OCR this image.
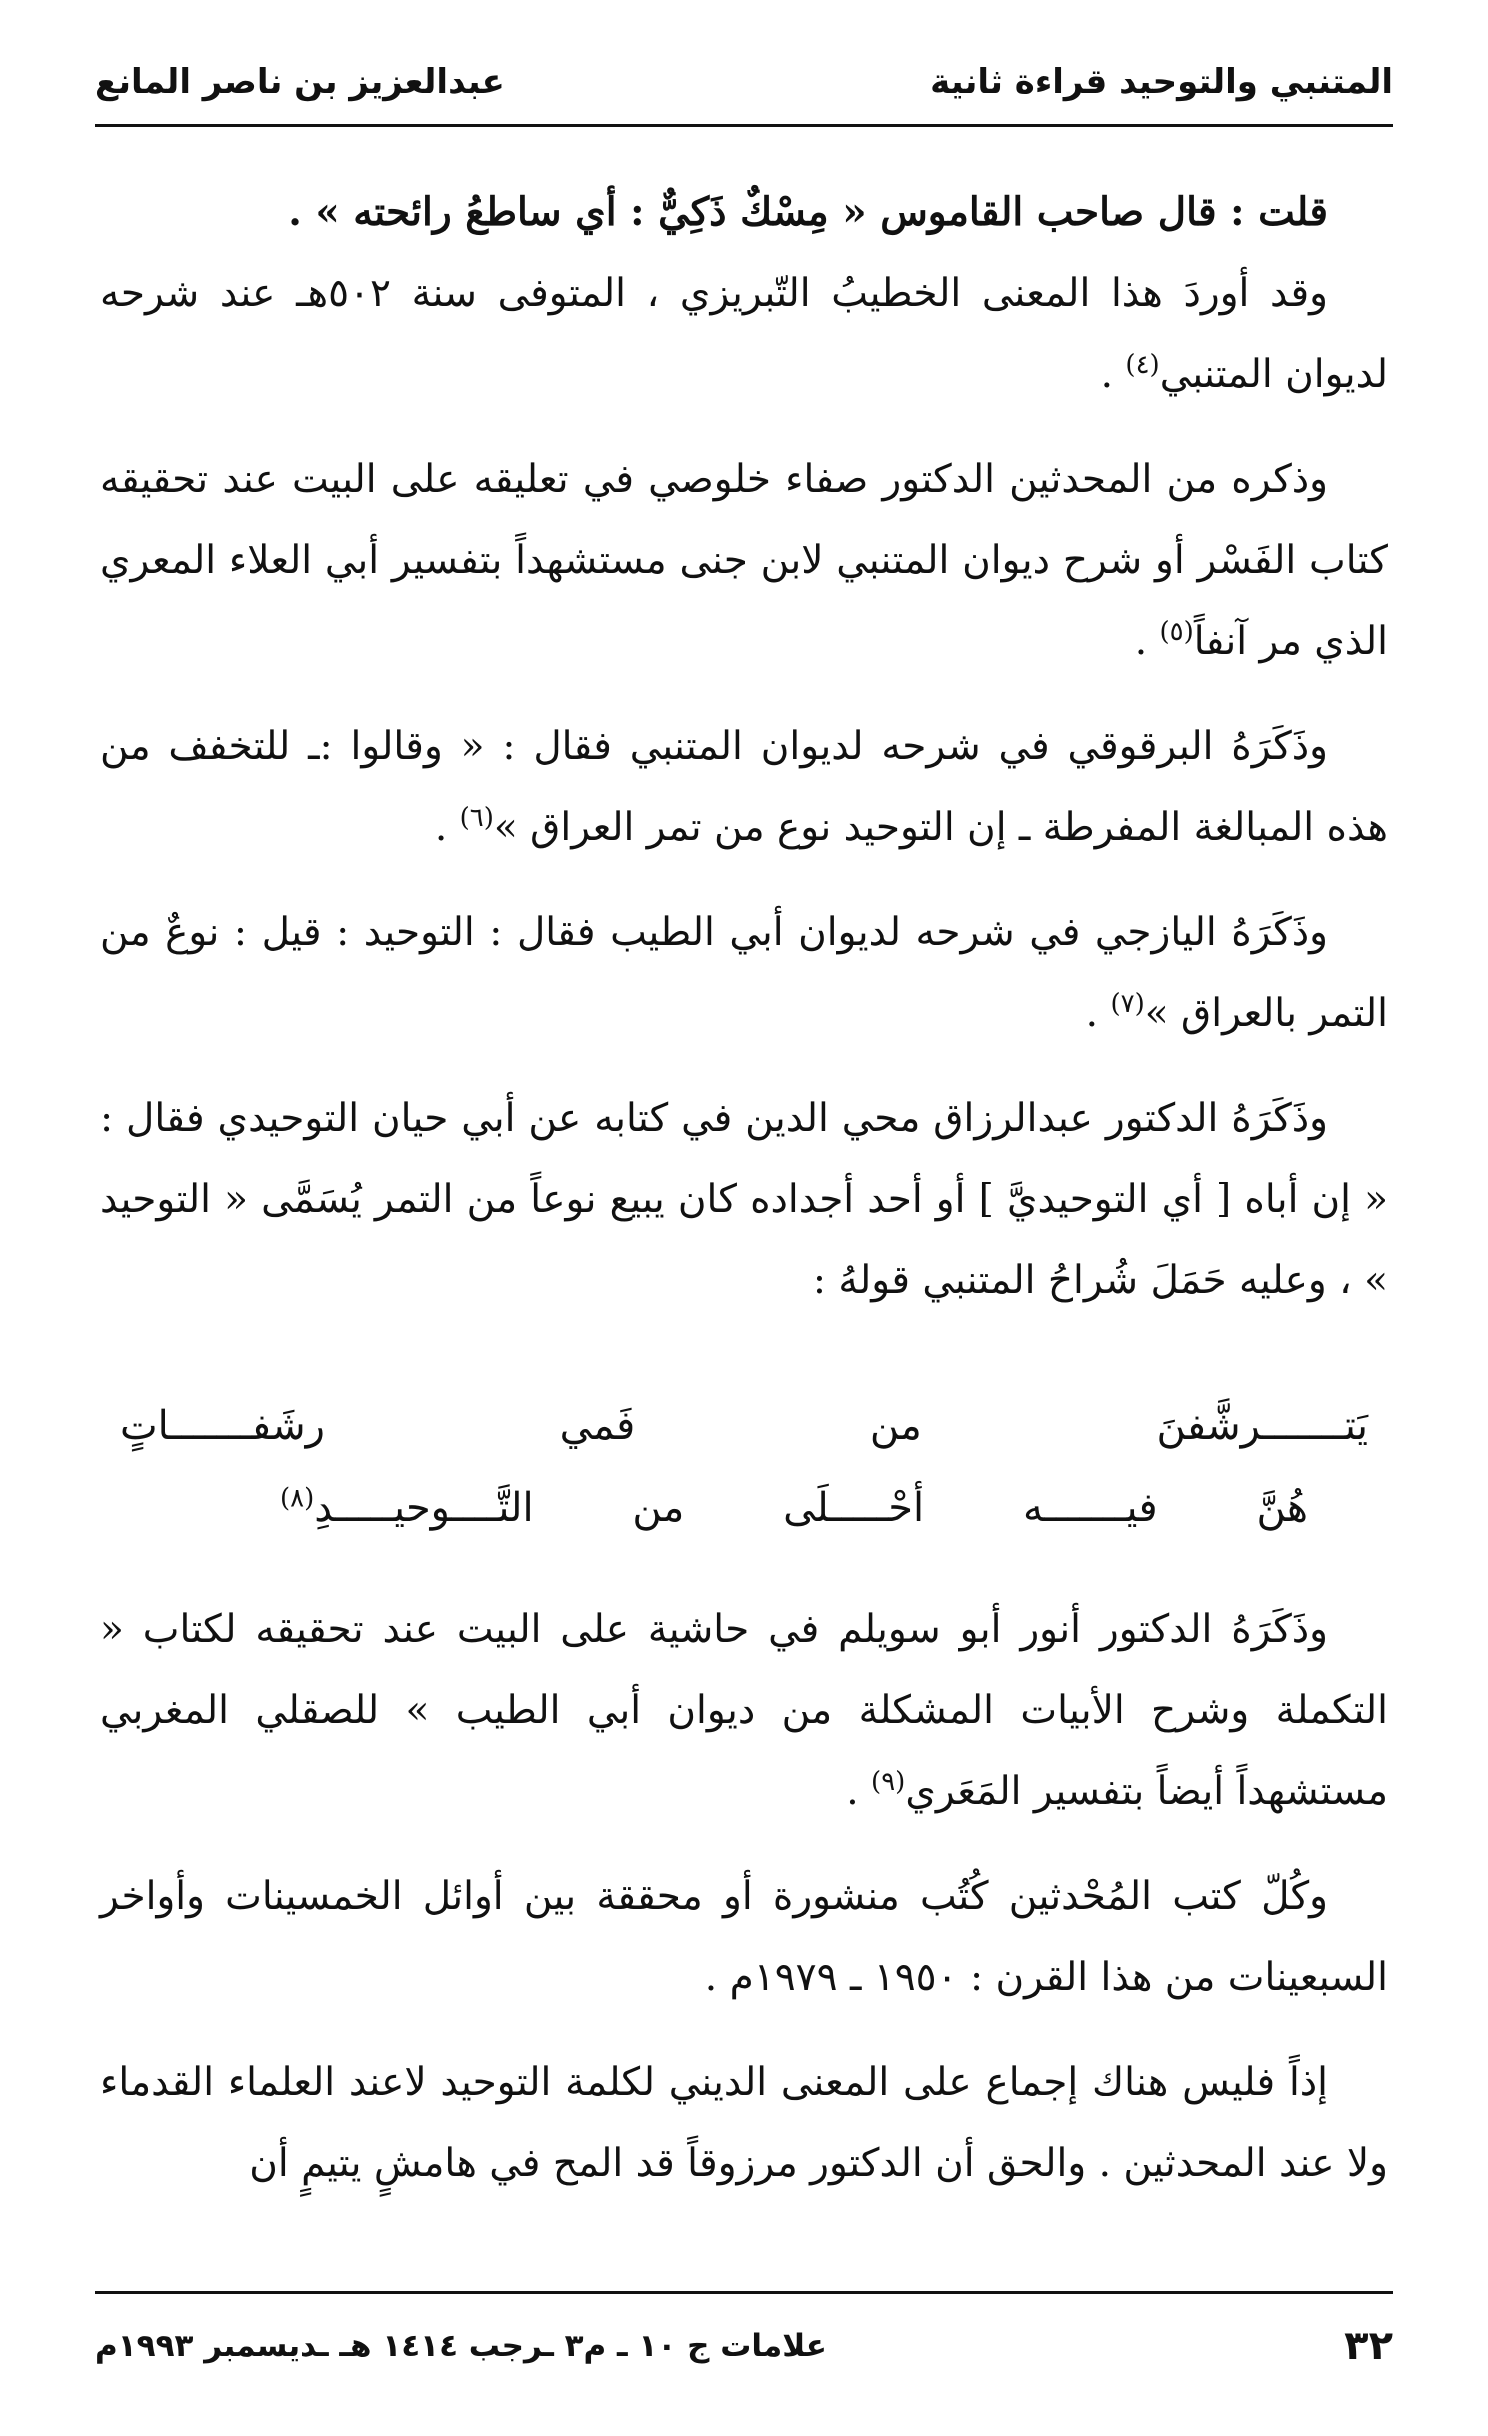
المتنبي والتوحيد قراءة ثانية
عبدالعزيز بن ناصر المانع

قلت : قال صاحب القاموس « مِسْكٌ ذَكِيٌّ : أي ساطعُ رائحته » .

وقد أوردَ هذا المعنى الخطيبُ التّبريزي ، المتوفى سنة ٥٠٢هـ عند شرحه لديوان المتنبي$^{(٤)}$ .

وذكره من المحدثين الدكتور صفاء خلوصي في تعليقه على البيت عند تحقيقه كتاب الفَسْر أو شرح ديوان المتنبي لابن جنى مستشهداً بتفسير أبي العلاء المعري الذي مر آنفاً$^{(٥)}$ .

وذَكَرَهُ البرقوقي في شرحه لديوان المتنبي فقال : « وقالوا :ـ للتخفف من هذه المبالغة المفرطة ـ إن التوحيد نوع من تمر العراق »$^{(٦)}$ .

وذَكَرَهُ اليازجي في شرحه لديوان أبي الطيب فقال : التوحيد : قيل : نوعٌ من التمر بالعراق »$^{(٧)}$ .

وذَكَرَهُ الدكتور عبدالرزاق محي الدين في كتابه عن أبي حيان التوحيدي فقال : « إن أباه [ أي التوحيديَّ ] أو أحد أجداده كان يبيع نوعاً من التمر يُسَمَّى « التوحيد » ، وعليه حَمَلَ شُراحُ المتنبي قولهُ :

يَتـــــــرشَّفنَ
من
فَمي
رشَفـــــــاتٍ
هُنَّ
فيـــــــه
أحْـــــلَى
من
التَّــــوحيـــــدِ$^{(٨)}$

وذَكَرَهُ الدكتور أنور أبو سويلم في حاشية على البيت عند تحقيقه لكتاب « التكملة وشرح الأبيات المشكلة من ديوان أبي الطيب » للصقلي المغربي مستشهداً أيضاً بتفسير المَعَري$^{(٩)}$ .

وكُلّ كتب المُحْدثين كُتُب منشورة أو محققة بين أوائل الخمسينات وأواخر السبعينات من هذا القرن : ١٩٥٠ ـ ١٩٧٩م .

إذاً فليس هناك إجماع على المعنى الديني لكلمة التوحيد لاعند العلماء القدماء ولا عند المحدثين . والحق أن الدكتور مرزوقاً قد المح في هامشٍ يتيمٍ أن

٣٢
علامات ج ١٠ ـ م٣ ـرجب ١٤١٤ هـ ـديسمبر ١٩٩٣م
